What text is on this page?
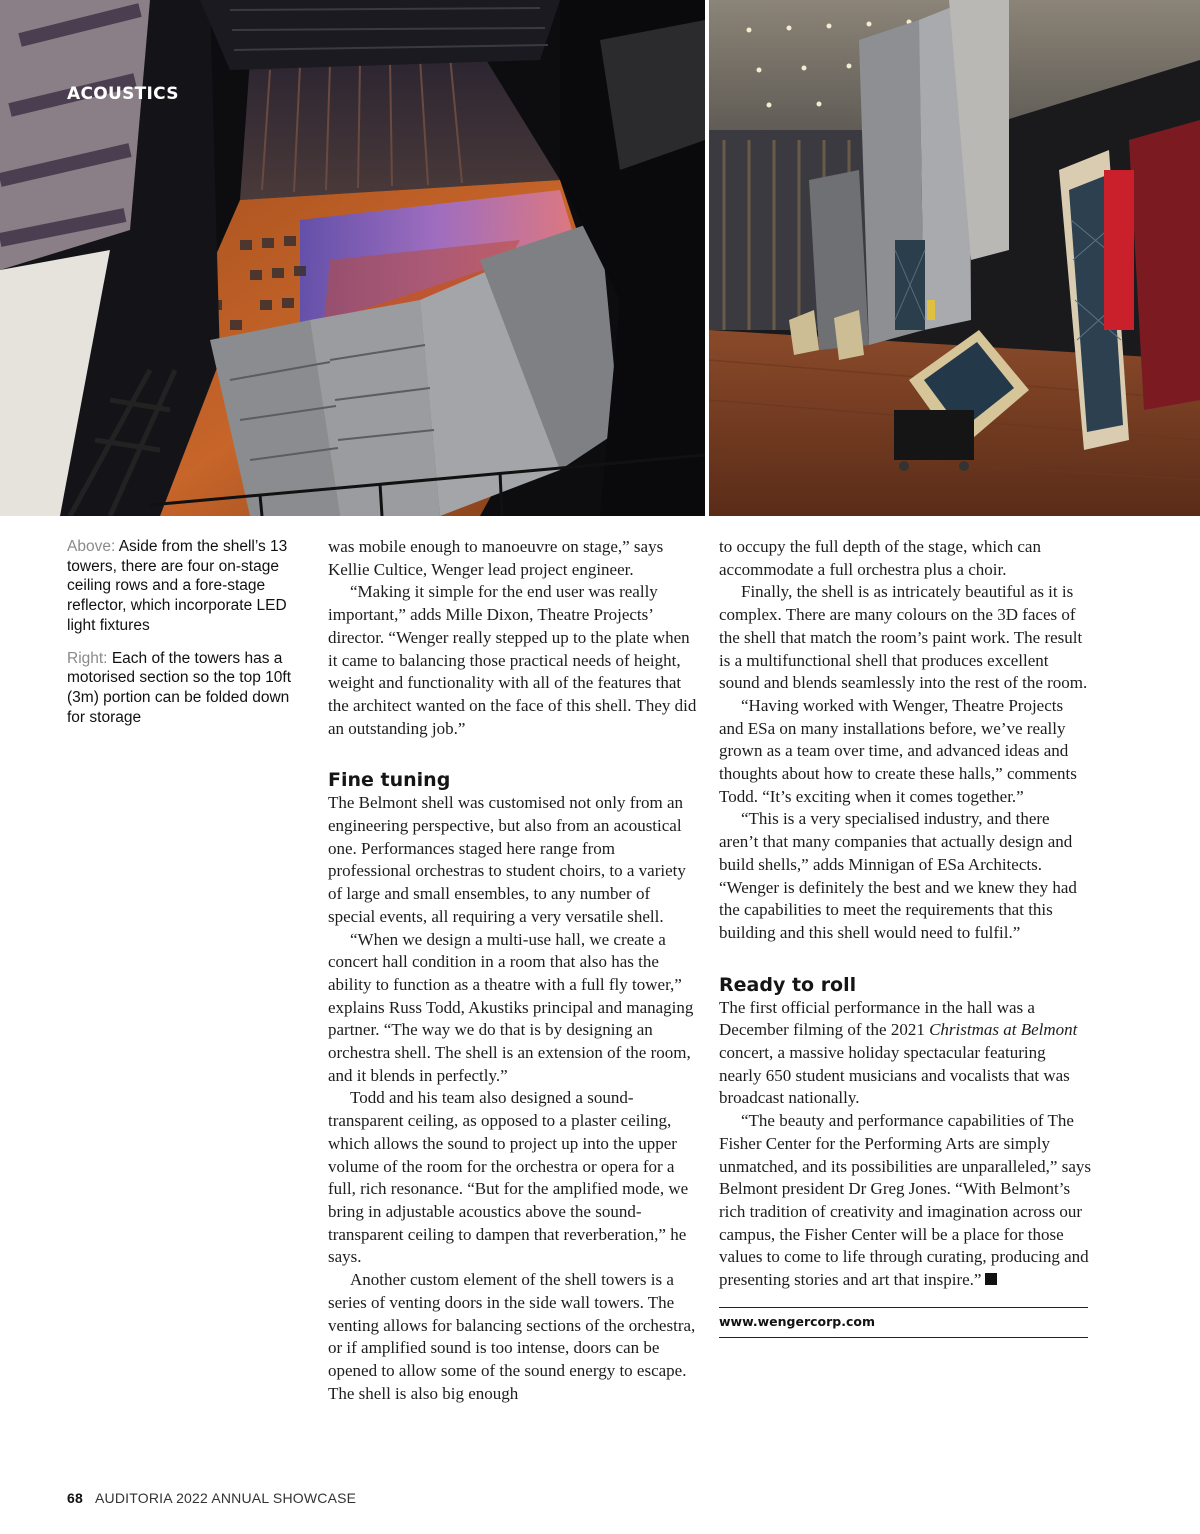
ACOUSTICS

Above: Aside from the shell’s 13 towers, there are four on-stage ceiling rows and a fore-stage reflector, which incorporate LED light fixtures

Right: Each of the towers has a motorised section so the top 10ft (3m) portion can be folded down for storage

was mobile enough to manoeuvre on stage,” says Kellie Cultice, Wenger lead project engineer.

“Making it simple for the end user was really important,” adds Mille Dixon, Theatre Projects’ director. “Wenger really stepped up to the plate when it came to balancing those practical needs of height, weight and functionality with all of the features that the architect wanted on the face of this shell. They did an outstanding job.”

Fine tuning

The Belmont shell was customised not only from an engineering perspective, but also from an acoustical one. Performances staged here range from professional orchestras to student choirs, to a variety of large and small ensembles, to any number of special events, all requiring a very versatile shell.

“When we design a multi-use hall, we create a concert hall condition in a room that also has the ability to function as a theatre with a full fly tower,” explains Russ Todd, Akustiks principal and managing partner. “The way we do that is by designing an orchestra shell. The shell is an extension of the room, and it blends in perfectly.”

Todd and his team also designed a sound-transparent ceiling, as opposed to a plaster ceiling, which allows the sound to project up into the upper volume of the room for the orchestra or opera for a full, rich resonance. “But for the amplified mode, we bring in adjustable acoustics above the sound-transparent ceiling to dampen that reverberation,” he says.

Another custom element of the shell towers is a series of venting doors in the side wall towers. The venting allows for balancing sections of the orchestra, or if amplified sound is too intense, doors can be opened to allow some of the sound energy to escape. The shell is also big enough

to occupy the full depth of the stage, which can accommodate a full orchestra plus a choir.

Finally, the shell is as intricately beautiful as it is complex. There are many colours on the 3D faces of the shell that match the room’s paint work. The result is a multifunctional shell that produces excellent sound and blends seamlessly into the rest of the room.

“Having worked with Wenger, Theatre Projects and ESa on many installations before, we’ve really grown as a team over time, and advanced ideas and thoughts about how to create these halls,” comments Todd. “It’s exciting when it comes together.”

“This is a very specialised industry, and there aren’t that many companies that actually design and build shells,” adds Minnigan of ESa Architects. “Wenger is definitely the best and we knew they had the capabilities to meet the requirements that this building and this shell would need to fulfil.”

Ready to roll

The first official performance in the hall was a December filming of the 2021 Christmas at Belmont concert, a massive holiday spectacular featuring nearly 650 student musicians and vocalists that was broadcast nationally.

“The beauty and performance capabilities of The Fisher Center for the Performing Arts are simply unmatched, and its possibilities are unparalleled,” says Belmont president Dr Greg Jones. “With Belmont’s rich tradition of creativity and imagination across our campus, the Fisher Center will be a place for those values to come to life through curating, producing and presenting stories and art that inspire.”

www.wengercorp.com
68 AUDITORIA 2022 ANNUAL SHOWCASE
